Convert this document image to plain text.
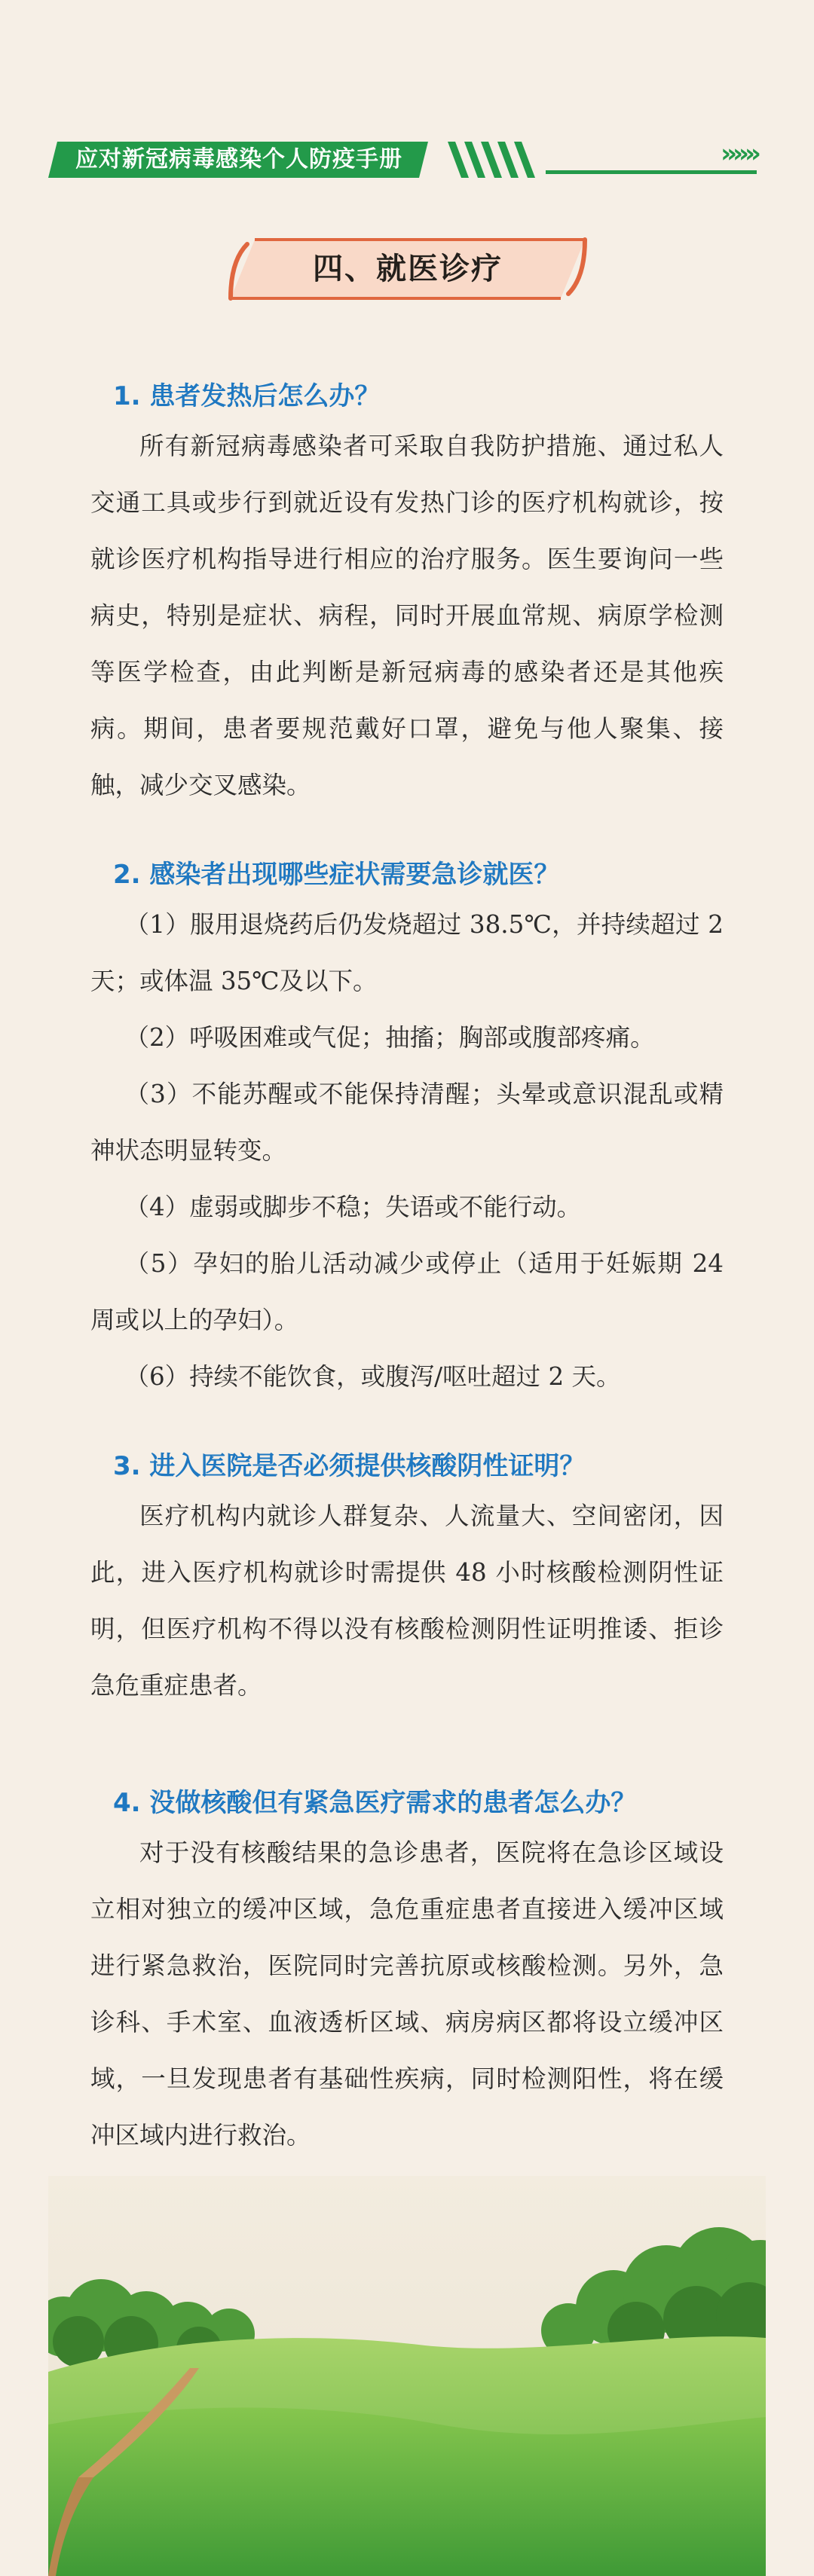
应对新冠病毒感染个人防疫手册	»»»
四、就医诊疗
1. 患者发热后怎么办？

所有新冠病毒感染者可采取自我防护措施、通过私人交通工具或步行到就近设有发热门诊的医疗机构就诊，按就诊医疗机构指导进行相应的治疗服务。医生要询问一些病史，特别是症状、病程，同时开展血常规、病原学检测等医学检查，由此判断是新冠病毒的感染者还是其他疾病。期间，患者要规范戴好口罩，避免与他人聚集、接触，减少交叉感染。

2. 感染者出现哪些症状需要急诊就医？

（1）服用退烧药后仍发烧超过 38.5℃，并持续超过 2 天；或体温 35℃及以下。

（2）呼吸困难或气促；抽搐；胸部或腹部疼痛。

（3）不能苏醒或不能保持清醒；头晕或意识混乱或精神状态明显转变。

（4）虚弱或脚步不稳；失语或不能行动。

（5）孕妇的胎儿活动减少或停止（适用于妊娠期 24 周或以上的孕妇）。

（6）持续不能饮食，或腹泻/呕吐超过 2 天。

3. 进入医院是否必须提供核酸阴性证明？

医疗机构内就诊人群复杂、人流量大、空间密闭，因此，进入医疗机构就诊时需提供 48 小时核酸检测阴性证明，但医疗机构不得以没有核酸检测阴性证明推诿、拒诊急危重症患者。

4. 没做核酸但有紧急医疗需求的患者怎么办？

对于没有核酸结果的急诊患者，医院将在急诊区域设立相对独立的缓冲区域，急危重症患者直接进入缓冲区域进行紧急救治，医院同时完善抗原或核酸检测。另外，急诊科、手术室、血液透析区域、病房病区都将设立缓冲区域，一旦发现患者有基础性疾病，同时检测阳性，将在缓冲区域内进行救治。
